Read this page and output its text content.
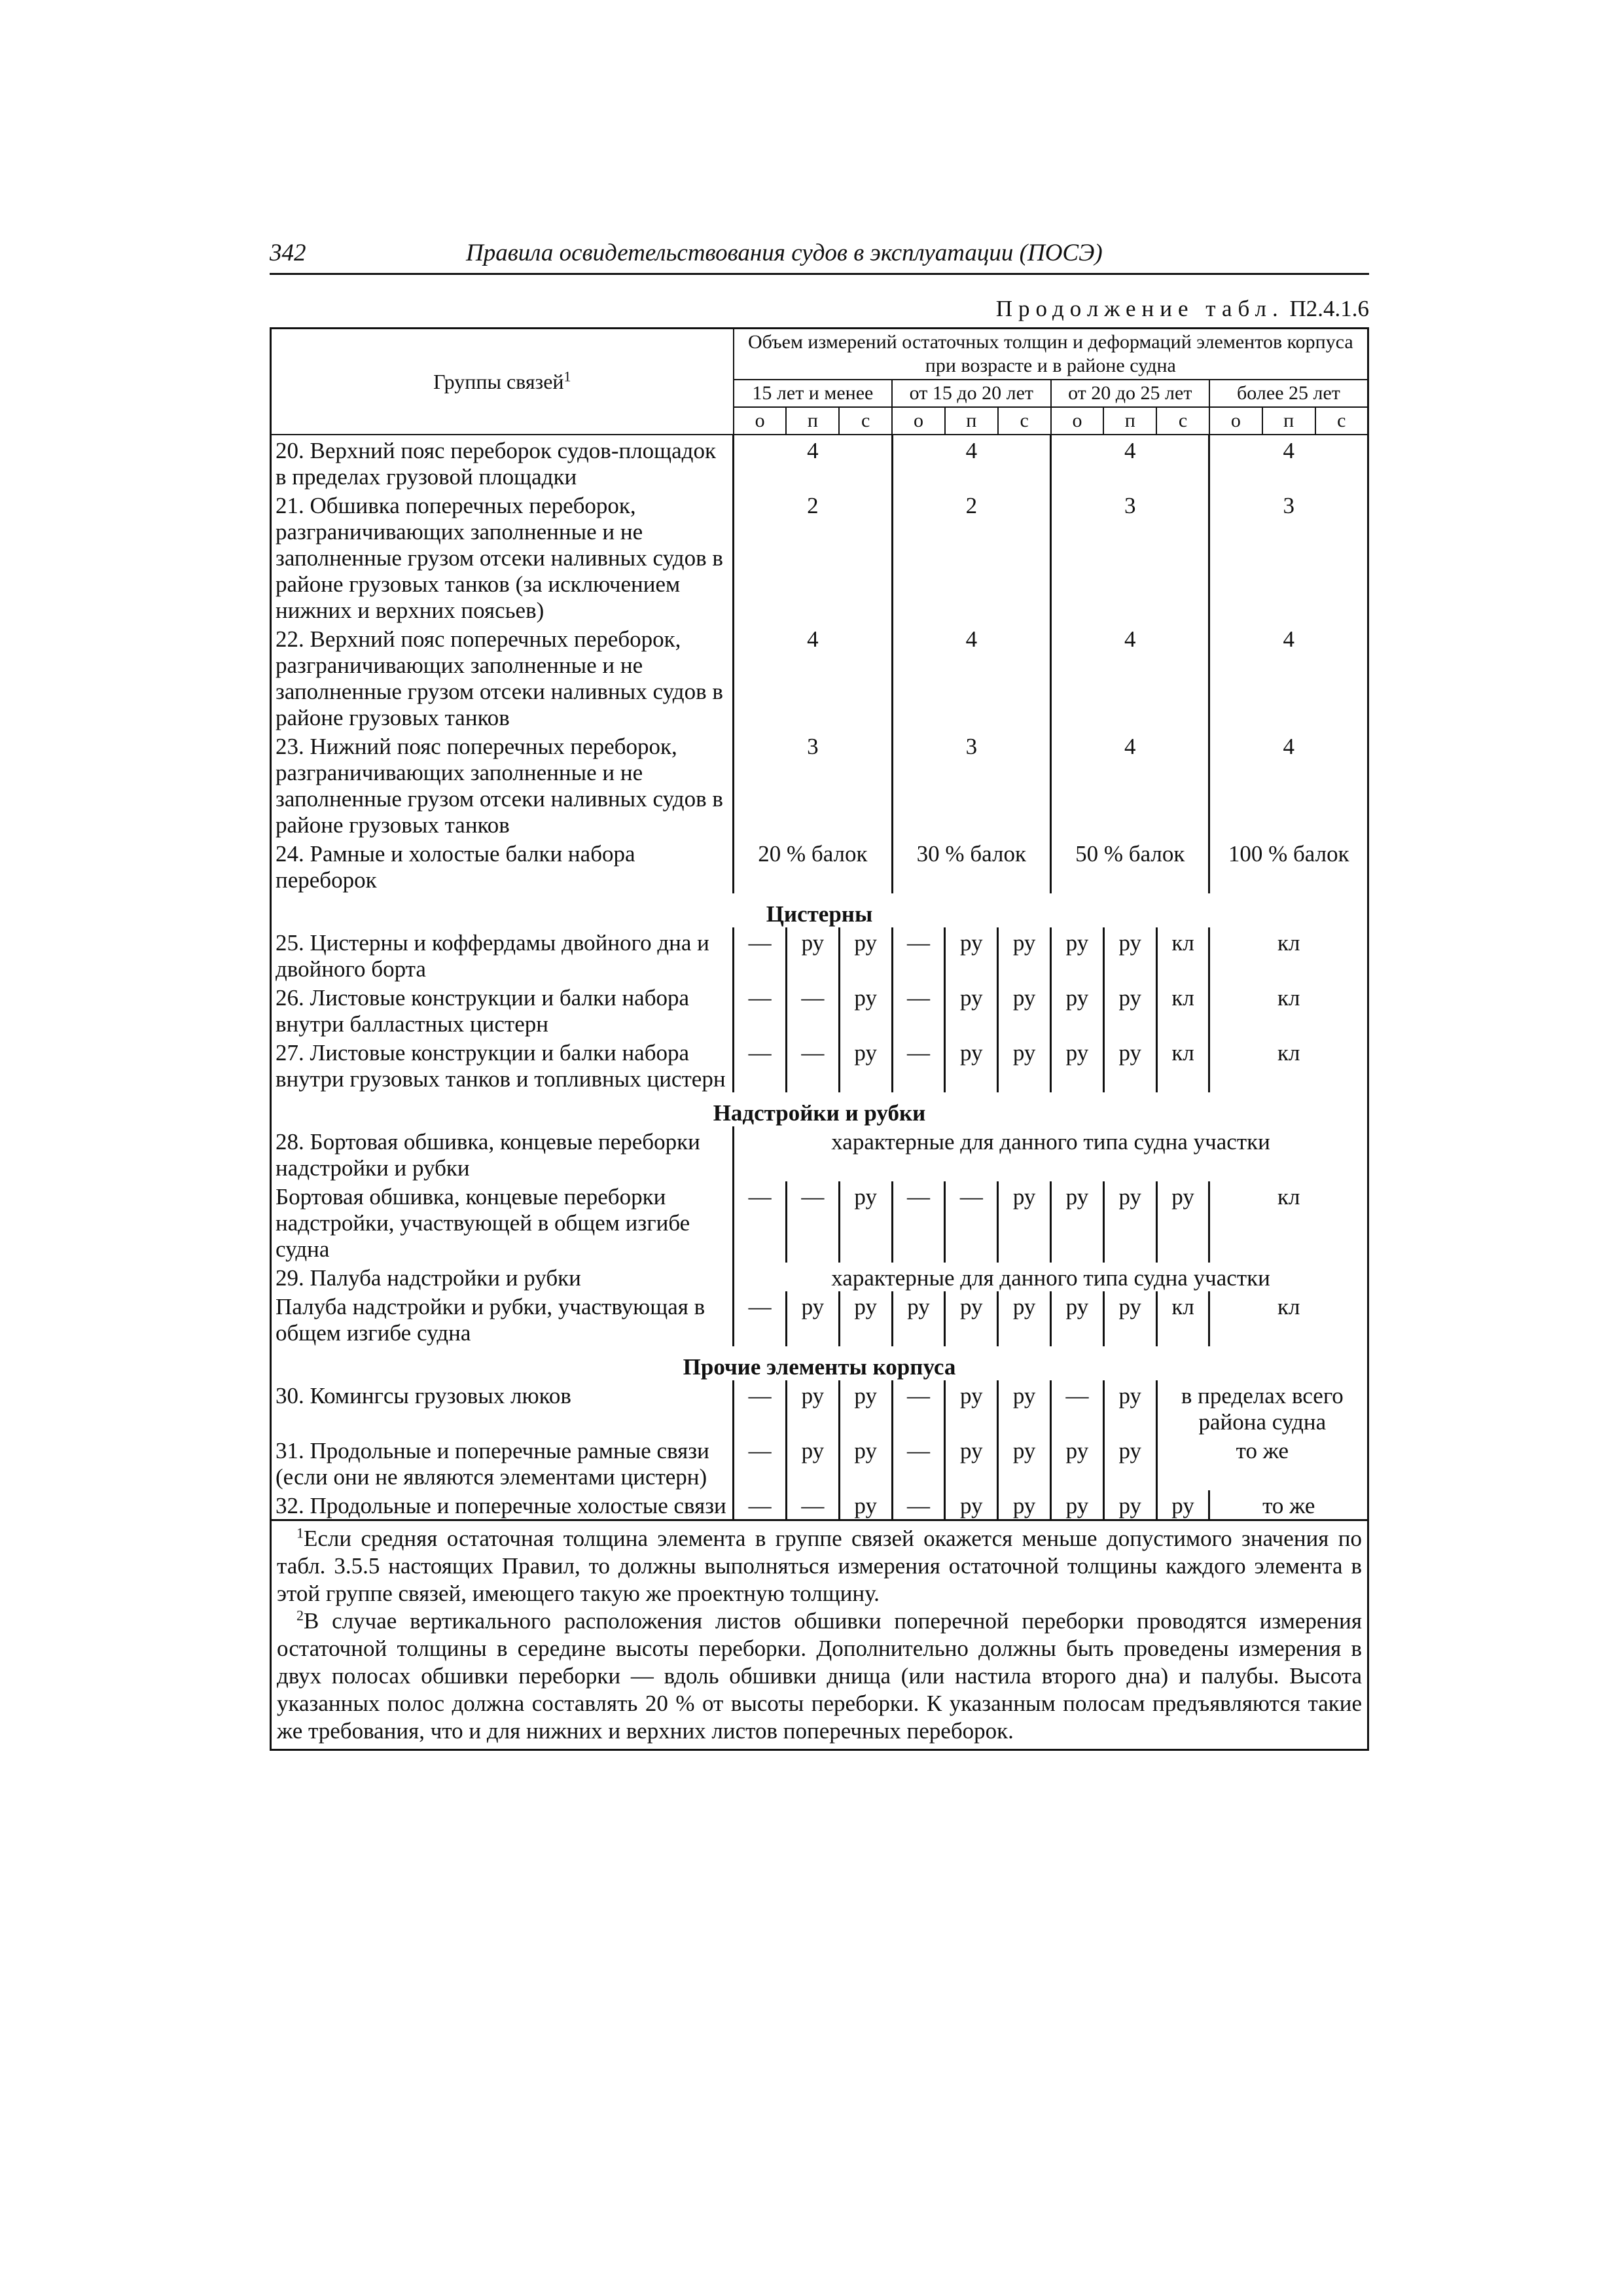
342	Правила освидетельствования судов в эксплуатации (ПОСЭ)
Продолжение табл. П2.4.1.6
Группы связей$^1$	Объем измерений остаточных толщин и деформаций элементов корпуса при возрасте и в районе судна											
	15 лет и менее			от 15 до 20 лет			от 20 до 25 лет			более 25 лет		
	о	п	с	о	п	с	о	п	с	о	п	с
20. Верхний пояс переборок судов-площадок в пределах грузовой площадки	4			4			4			4		
21. Обшивка поперечных переборок, разграничивающих заполненные и не заполненные грузом отсеки наливных судов в районе грузовых танков (за исключением нижних и верхних поясьев)	2			2			3			3		
22. Верхний пояс поперечных переборок, разграничивающих заполненные и не заполненные грузом отсеки наливных судов в районе грузовых танков	4			4			4			4		
23. Нижний пояс поперечных переборок, разграничивающих заполненные и не заполненные грузом отсеки наливных судов в районе грузовых танков	3			3			4			4		
24. Рамные и холостые балки набора переборок	20 % балок			30 % балок			50 % балок			100 % балок		
Цистерны												
25. Цистерны и коффердамы двойного дна и двойного борта	—	ру	ру	—	ру	ру	ру	ру	кл	кл		
26. Листовые конструкции и балки набора внутри балластных цистерн	—	—	ру	—	ру	ру	ру	ру	кл	кл		
27. Листовые конструкции и балки набора внутри грузовых танков и топливных цистерн	—	—	ру	—	ру	ру	ру	ру	кл	кл		
Надстройки и рубки												
28. Бортовая обшивка, концевые переборки надстройки и рубки	характерные для данного типа судна участки											
Бортовая обшивка, концевые переборки надстройки, участвующей в общем изгибе судна	—	—	ру	—	—	ру	ру	ру	ру	кл		
29. Палуба надстройки и рубки	характерные для данного типа судна участки											
Палуба надстройки и рубки, участвующая в общем изгибе судна	—	ру	ру	ру	ру	ру	ру	ру	кл	кл		
Прочие элементы корпуса												
30. Комингсы грузовых люков	—	ру	ру	—	ру	ру	—	ру	в пределах всего района судна			
31. Продольные и поперечные рамные связи (если они не являются элементами цистерн)	—	ру	ру	—	ру	ру	ру	ру	то же			
32. Продольные и поперечные холостые связи	—	—	ру	—	ру	ру	ру	ру	ру	то же		

$^1$Если средняя остаточная толщина элемента в группе связей окажется меньше допустимого значения по табл. 3.5.5 настоящих Правил, то должны выполняться измерения остаточной толщины каждого элемента в этой группе связей, имеющего такую же проектную толщину.

$^2$В случае вертикального расположения листов обшивки поперечной переборки проводятся измерения остаточной толщины в середине высоты переборки. Дополнительно должны быть проведены измерения в двух полосах обшивки переборки — вдоль обшивки днища (или настила второго дна) и палубы. Высота указанных полос должна составлять 20 % от высоты переборки. К указанным полосам предъявляются такие же требования, что и для нижних и верхних листов поперечных переборок.												
